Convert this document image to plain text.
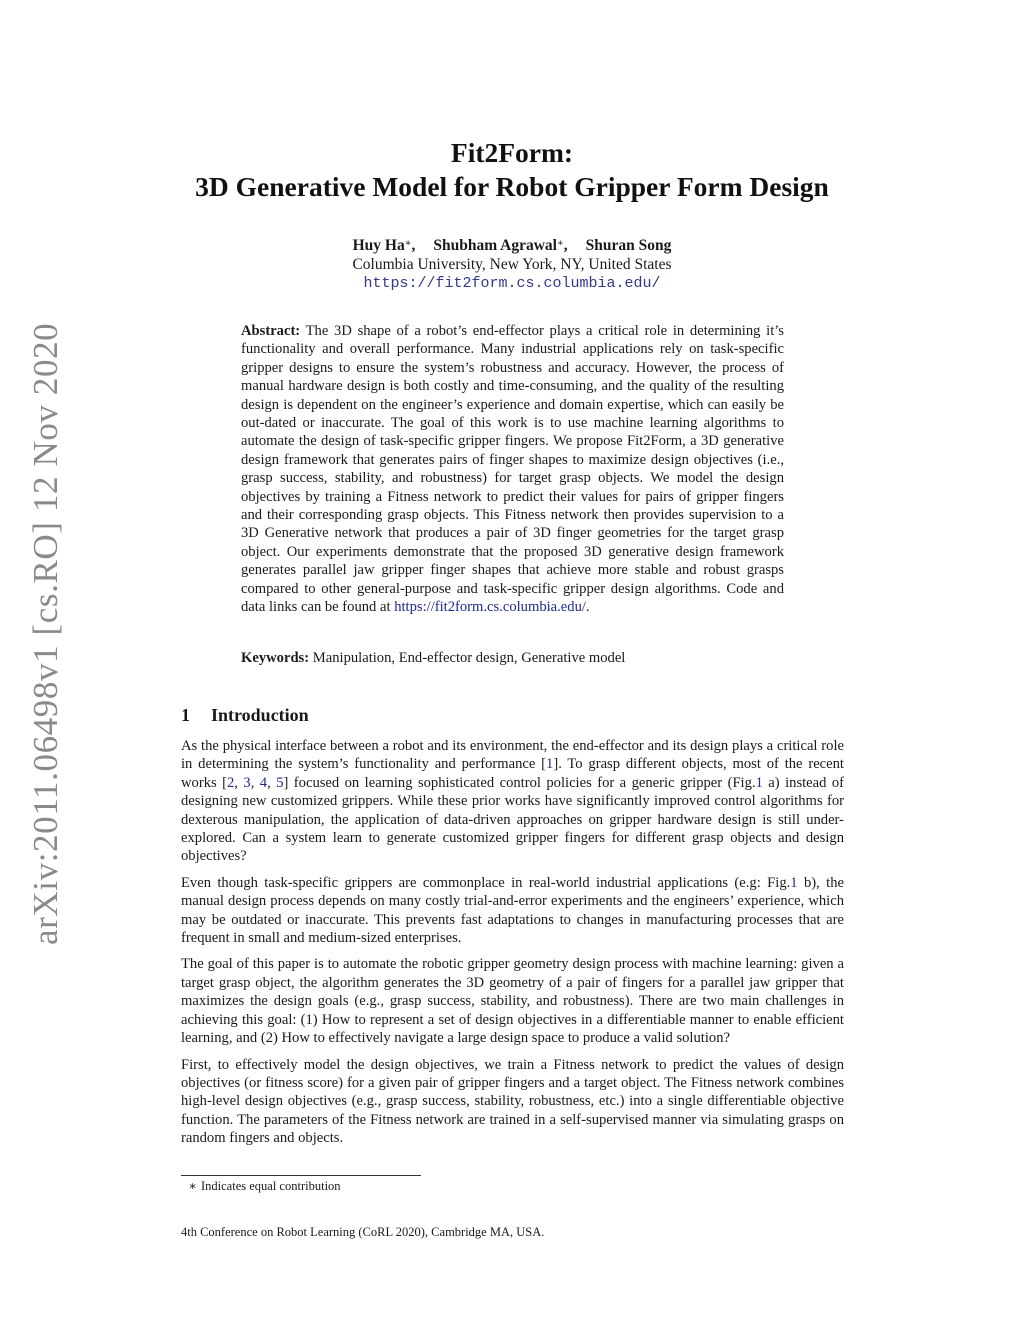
arXiv:2011.06498v1 [cs.RO] 12 Nov 2020
Fit2Form:
3D Generative Model for Robot Gripper Form Design
Huy Ha∗, Shubham Agrawal∗, Shuran Song
Columbia University, New York, NY, United States
https://fit2form.cs.columbia.edu/
Abstract: The 3D shape of a robot’s end-effector plays a critical role in determining it’s functionality and overall performance. Many industrial applications rely on task-specific gripper designs to ensure the system’s robustness and accuracy. However, the process of manual hardware design is both costly and time-consuming, and the quality of the resulting design is dependent on the engineer’s experience and domain expertise, which can easily be out-dated or inaccurate. The goal of this work is to use machine learning algorithms to automate the design of task-specific gripper fingers. We propose Fit2Form, a 3D generative design framework that generates pairs of finger shapes to maximize design objectives (i.e., grasp success, stability, and robustness) for target grasp objects. We model the design objectives by training a Fitness network to predict their values for pairs of gripper fingers and their corresponding grasp objects. This Fitness network then provides supervision to a 3D Generative network that produces a pair of 3D finger geometries for the target grasp object. Our experiments demonstrate that the proposed 3D generative design framework generates parallel jaw gripper finger shapes that achieve more stable and robust grasps compared to other general-purpose and task-specific gripper design algorithms. Code and data links can be found at https://fit2form.cs.columbia.edu/.
Keywords: Manipulation, End-effector design, Generative model
1 Introduction

As the physical interface between a robot and its environment, the end-effector and its design plays a critical role in determining the system’s functionality and performance [1]. To grasp different objects, most of the recent works [2, 3, 4, 5] focused on learning sophisticated control policies for a generic gripper (Fig.1 a) instead of designing new customized grippers. While these prior works have significantly improved control algorithms for dexterous manipulation, the application of data-driven approaches on gripper hardware design is still under-explored. Can a system learn to generate customized gripper fingers for different grasp objects and design objectives?

Even though task-specific grippers are commonplace in real-world industrial applications (e.g: Fig.1 b), the manual design process depends on many costly trial-and-error experiments and the engineers’ experience, which may be outdated or inaccurate. This prevents fast adaptations to changes in manufacturing processes that are frequent in small and medium-sized enterprises.

The goal of this paper is to automate the robotic gripper geometry design process with machine learning: given a target grasp object, the algorithm generates the 3D geometry of a pair of fingers for a parallel jaw gripper that maximizes the design goals (e.g., grasp success, stability, and robustness). There are two main challenges in achieving this goal: (1) How to represent a set of design objectives in a differentiable manner to enable efficient learning, and (2) How to effectively navigate a large design space to produce a valid solution?

First, to effectively model the design objectives, we train a Fitness network to predict the values of design objectives (or fitness score) for a given pair of gripper fingers and a target object. The Fitness network combines high-level design objectives (e.g., grasp success, stability, robustness, etc.) into a single differentiable objective function. The parameters of the Fitness network are trained in a self-supervised manner via simulating grasps on random fingers and objects.

∗ Indicates equal contribution
4th Conference on Robot Learning (CoRL 2020), Cambridge MA, USA.
